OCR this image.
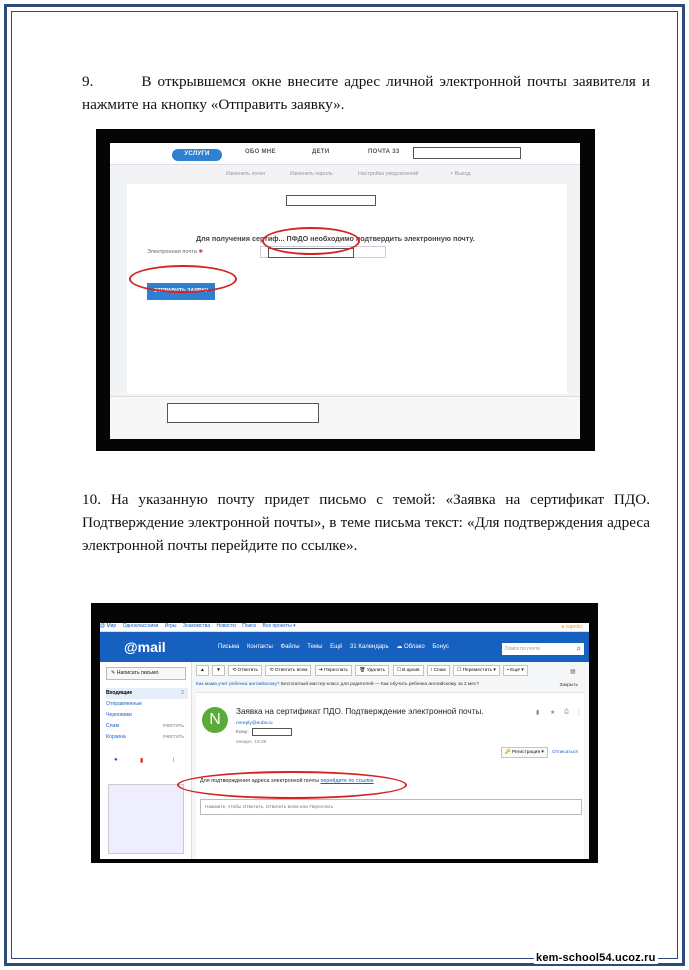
9.        В открывшемся окне внесите адрес личной электронной почты заявителя и нажмите на кнопку «Отправить заявку».

УСЛУГИ	ОБО МНЕ	ДЕТИ	ПОЧТА 33
Изменить логин	Изменить пароль	Настройка уведомлений	× Выход
Для получения сертиф... ПФДО необходимо подтвердить электронную почту.
Электронная почта ✱
ОТПРАВИТЬ ЗАЯВКУ

10. На указанную почту придет письмо с темой: «Заявка на сертификат ПДО. Подтверждение электронной почты», в теме письма текст: «Для подтверждения адреса электронной почты перейдите по ссылке».

@ Мир Одноклассники Игры Знакомства Новости Поиск Все проекты ▾	● zaprolo
@mail	Письма Контакты Файлы Темы Ещё 31 Календарь ☁ Облако Бонус	Поиск по почте	⌕
✎ Написать письмо
Входящие	2
Отправленные
Черновики
Спам	очистить
Корзина	очистить
●	▮	⌇
▲ ▼ ⟲ Ответить ⟲ Ответить всем ➜ Переслать 🗑 Удалить ☐ В архив ! Спам ☐ Переместить ▾ • Ещё ▾
Как мама учит ребенка английскому? Бесплатный мастер-класс для родителей — Как обучить ребенка английскому за 2 мес?	Закрыть
N	Заявка на сертификат ПДО. Подтверждение электронной почты.
noreply@eubs.ru
Кому:
января, 18:39
🔑 Регистрация ▾ Отписаться
▮ ★ ⎙ ⋮
Для подтверждения адреса электронной почты перейдите по ссылке
Нажмите, чтобы Ответить, Ответить всем или Переслать
▦
kem-school54.ucoz.ru
